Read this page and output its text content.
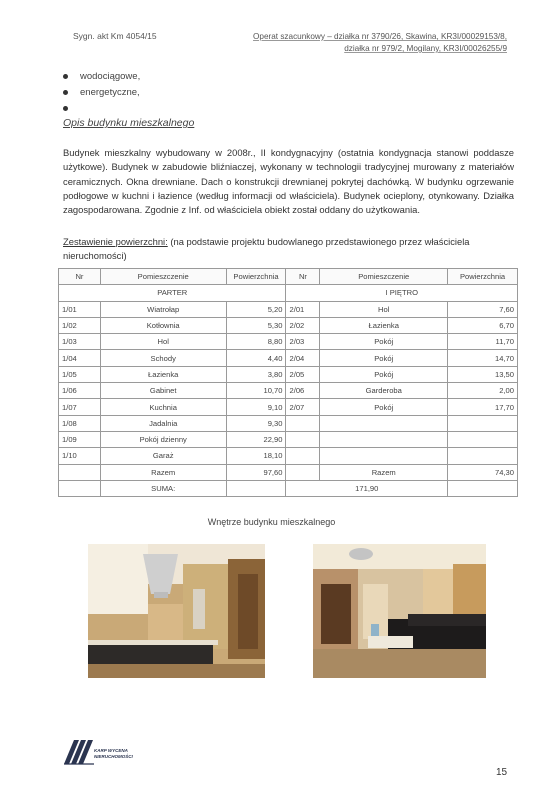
Sygn. akt Km 4054/15	Operat szacunkowy – działka nr 3790/26, Skawina, KR3I/00029153/8,
działka nr 979/2, Mogilany, KR3I/00026255/9
wodociągowe,
energetyczne,
Opis budynku mieszkalnego
Budynek mieszkalny wybudowany w 2008r., II kondygnacyjny (ostatnia kondygnacja stanowi poddasze użytkowe). Budynek w zabudowie bliźniaczej, wykonany w technologii tradycyjnej murowany z materiałów ceramicznych. Okna drewniane. Dach o konstrukcji drewnianej pokrytej dachówką. W budynku ogrzewanie podłogowe w kuchni i łazience (według informacji od właściciela). Budynek ocieplony, otynkowany. Działka zagospodarowana. Zgodnie z Inf. od właściciela obiekt został oddany do użytkowania.
Zestawienie powierzchni: (na podstawie projektu budowlanego przedstawionego przez właściciela nieruchomości)
Nr	Pomieszczenie	Powierzchnia	Nr	Pomieszczenie	Powierzchnia
PARTER			I PIĘTRO		
1/01	Wiatrołap	5,20	2/01	Hol	7,60
1/02	Kotłownia	5,30	2/02	Łazienka	6,70
1/03	Hol	8,80	2/03	Pokój	11,70
1/04	Schody	4,40	2/04	Pokój	14,70
1/05	Łazienka	3,80	2/05	Pokój	13,50
1/06	Gabinet	10,70	2/06	Garderoba	2,00
1/07	Kuchnia	9,10	2/07	Pokój	17,70
1/08	Jadalnia	9,30			
1/09	Pokój dzienny	22,90			
1/10	Garaż	18,10			
	Razem	97,60		Razem	74,30
	SUMA:		171,90		
Wnętrze budynku mieszkalnego
KARP WYCENA
NIERUCHOMOŚCI
15
